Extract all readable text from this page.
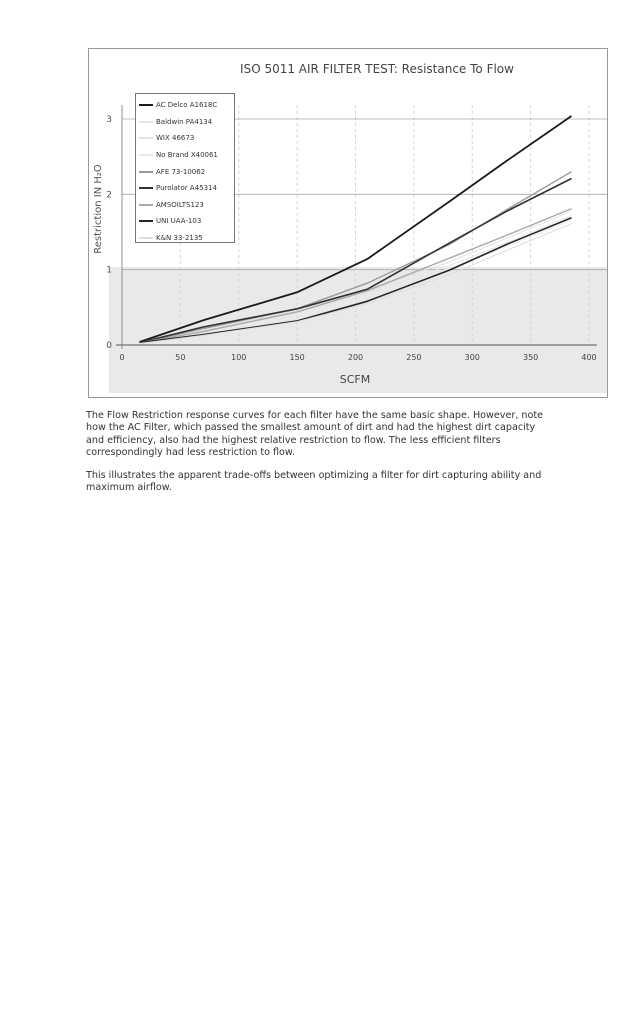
0	50	100	150	200	250	300	350	400
0
1
2
3
ISO 5011 AIR FILTER TEST: Resistance To Flow
SCFM
Restriction IN H₂O
AC Delco A1618C
Baldwin PA4134
WIX 46673
No Brand X40061
AFE 73-10062
Purolator A45314
AMSOILTS123
UNI UAA-103
K&N 33-2135

The Flow Restriction response curves for each filter have the same basic shape. However, note how the AC Filter, which passed the smallest amount of dirt and had the highest dirt capacity and efficiency, also had the highest relative restriction to flow. The less efficient filters correspondingly had less restriction to flow.

This illustrates the apparent trade-offs between optimizing a filter for dirt capturing ability and maximum airflow.
